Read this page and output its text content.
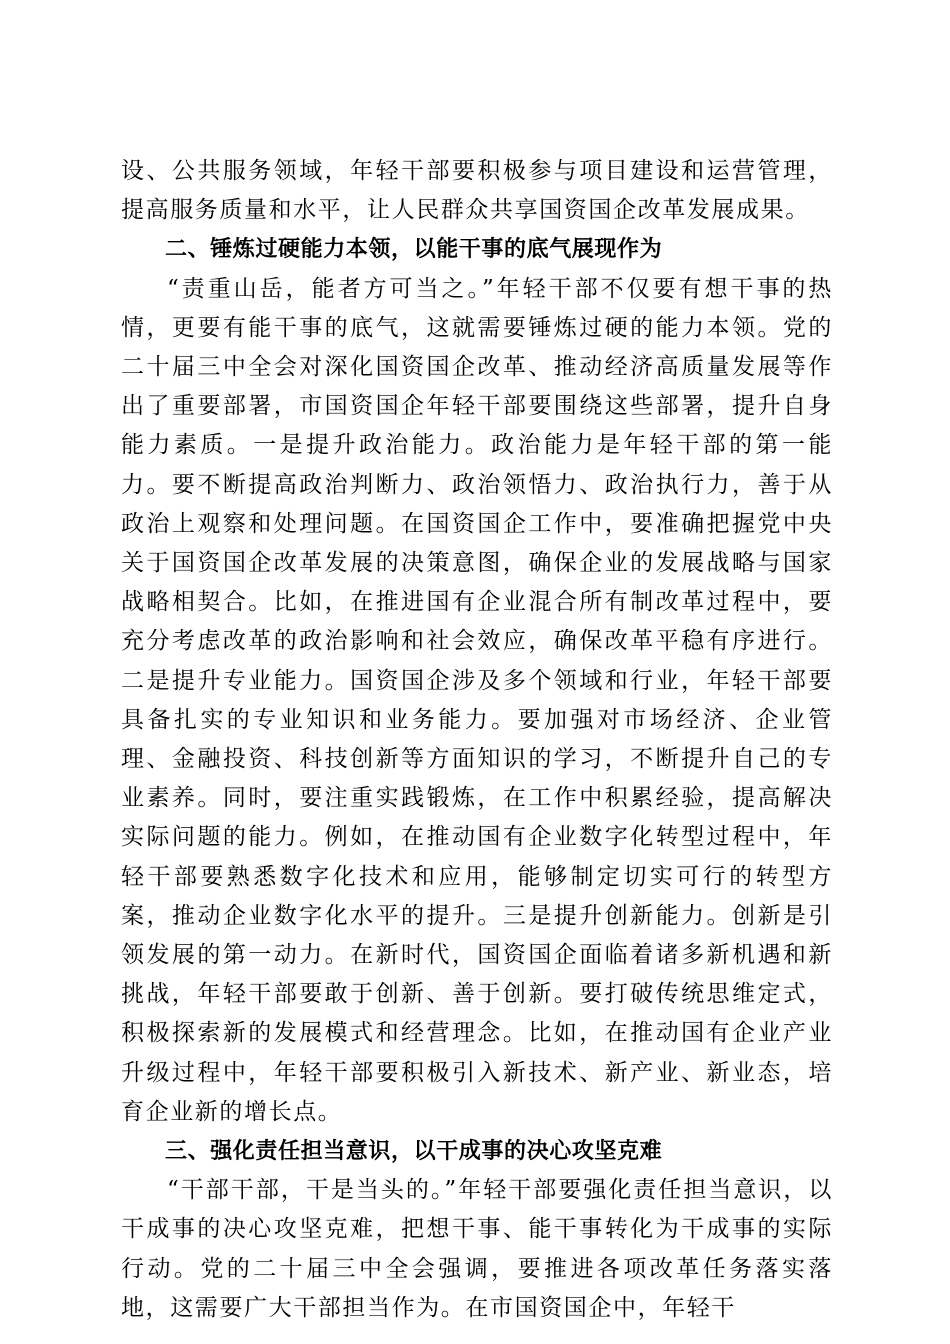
设、公共服务领域，年轻干部要积极参与项目建设和运营管理，提高服务质量和水平，让人民群众共享国资国企改革发展成果。

二、锤炼过硬能力本领，以能干事的底气展现作为

“责重山岳，能者方可当之。”年轻干部不仅要有想干事的热情，更要有能干事的底气，这就需要锤炼过硬的能力本领。党的二十届三中全会对深化国资国企改革、推动经济高质量发展等作出了重要部署，市国资国企年轻干部要围绕这些部署，提升自身能力素质。一是提升政治能力。政治能力是年轻干部的第一能力。要不断提高政治判断力、政治领悟力、政治执行力，善于从政治上观察和处理问题。在国资国企工作中，要准确把握党中央关于国资国企改革发展的决策意图，确保企业的发展战略与国家战略相契合。比如，在推进国有企业混合所有制改革过程中，要充分考虑改革的政治影响和社会效应，确保改革平稳有序进行。二是提升专业能力。国资国企涉及多个领域和行业，年轻干部要具备扎实的专业知识和业务能力。要加强对市场经济、企业管理、金融投资、科技创新等方面知识的学习，不断提升自己的专业素养。同时，要注重实践锻炼，在工作中积累经验，提高解决实际问题的能力。例如，在推动国有企业数字化转型过程中，年轻干部要熟悉数字化技术和应用，能够制定切实可行的转型方案，推动企业数字化水平的提升。三是提升创新能力。创新是引领发展的第一动力。在新时代，国资国企面临着诸多新机遇和新挑战，年轻干部要敢于创新、善于创新。要打破传统思维定式，积极探索新的发展模式和经营理念。比如，在推动国有企业产业升级过程中，年轻干部要积极引入新技术、新产业、新业态，培育企业新的增长点。

三、强化责任担当意识，以干成事的决心攻坚克难

“干部干部，干是当头的。”年轻干部要强化责任担当意识，以干成事的决心攻坚克难，把想干事、能干事转化为干成事的实际行动。党的二十届三中全会强调，要推进各项改革任务落实落地，这需要广大干部担当作为。在市国资国企中，年轻干
